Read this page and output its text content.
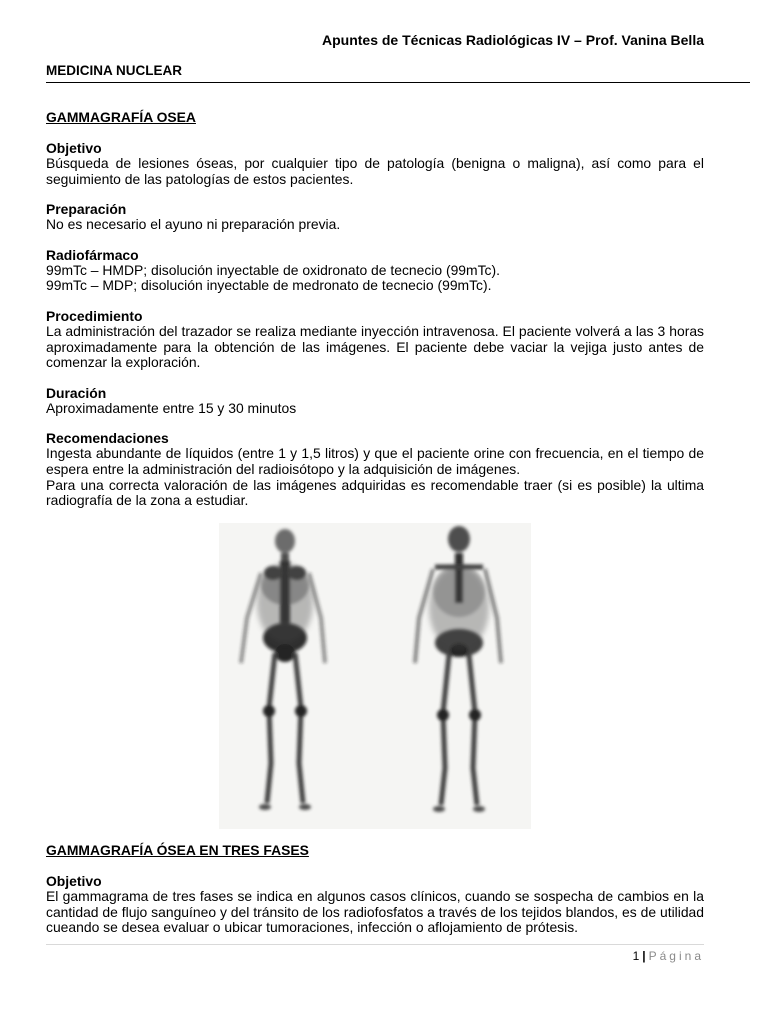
Apuntes de Técnicas Radiológicas IV – Prof. Vanina Bella
MEDICINA NUCLEAR

GAMMAGRAFÍA OSEA

Objetivo

Búsqueda de lesiones óseas, por cualquier tipo de patología (benigna o maligna), así como para el seguimiento de las patologías de estos pacientes.

Preparación

No es necesario el ayuno ni preparación previa.

Radiofármaco

99mTc – HMDP; disolución inyectable de oxidronato de tecnecio (99mTc).

99mTc – MDP; disolución inyectable de medronato de tecnecio (99mTc).

Procedimiento

La administración del trazador se realiza mediante inyección intravenosa. El paciente volverá a las 3 horas aproximadamente para la obtención de las imágenes. El paciente debe vaciar la vejiga justo antes de comenzar la exploración.

Duración

Aproximadamente entre 15 y 30 minutos

Recomendaciones

Ingesta abundante de líquidos (entre 1 y 1,5 litros) y que el paciente orine con frecuencia, en el tiempo de espera entre la administración del radioisótopo y la adquisición de imágenes.

Para una correcta valoración de las imágenes adquiridas es recomendable traer (si es posible) la ultima radiografía de la zona a estudiar.

GAMMAGRAFÍA ÓSEA EN TRES FASES

Objetivo

El gammagrama de tres fases se indica en algunos casos clínicos, cuando se sospecha de cambios en la cantidad de flujo sanguíneo y del tránsito de los radiofosfatos a través de los tejidos blandos, es de utilidad cueando se desea evaluar o ubicar tumoraciones, infección o aflojamiento de prótesis.

1 | Página
